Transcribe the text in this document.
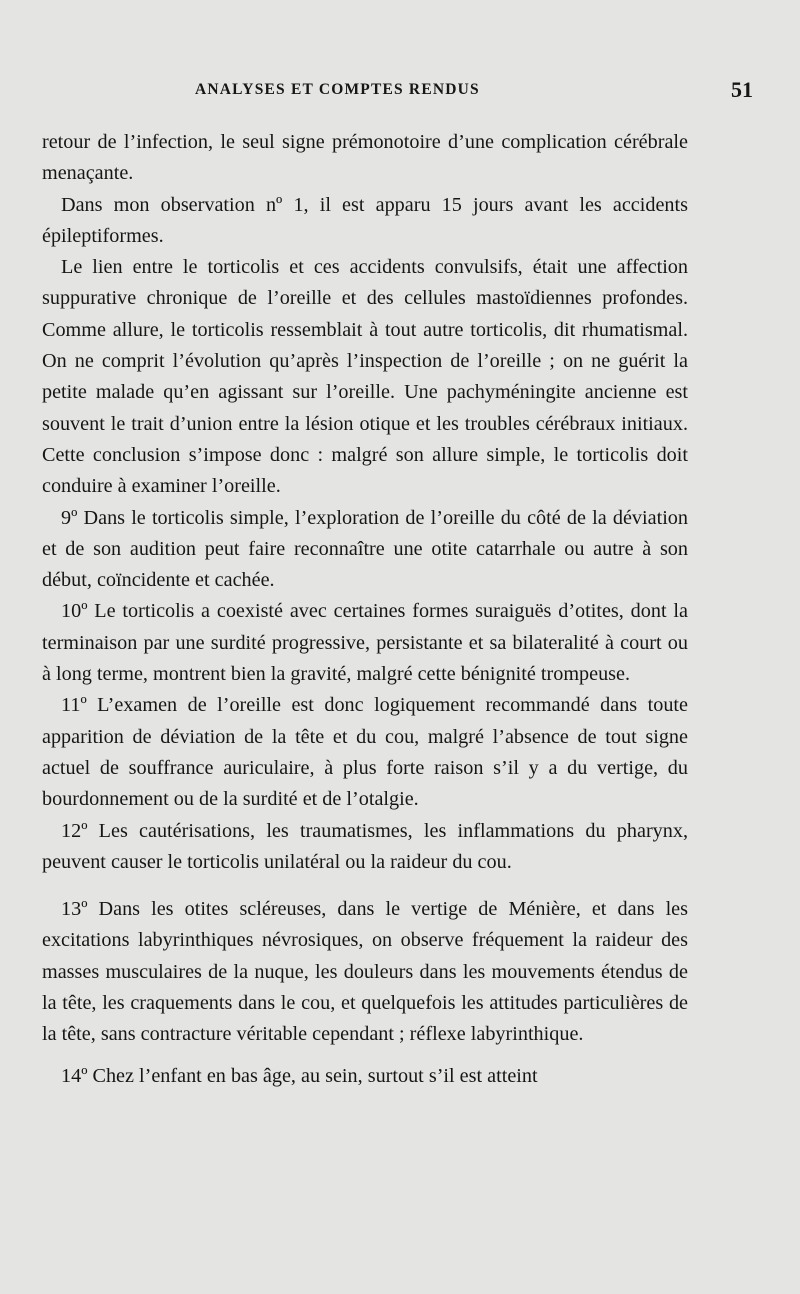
ANALYSES ET COMPTES RENDUS	51

retour de l’infection, le seul signe prémonotoire d’une complication cérébrale menaçante.

Dans mon observation nº 1, il est apparu 15 jours avant les accidents épileptiformes.

Le lien entre le torticolis et ces accidents convulsifs, était une affection suppurative chronique de l’oreille et des cellules mastoïdiennes profondes. Comme allure, le torticolis ressemblait à tout autre torticolis, dit rhumatismal. On ne comprit l’évolution qu’après l’inspection de l’oreille ; on ne guérit la petite malade qu’en agissant sur l’oreille. Une pachyméningite ancienne est souvent le trait d’union entre la lésion otique et les troubles cérébraux initiaux. Cette conclusion s’impose donc : malgré son allure simple, le torticolis doit conduire à examiner l’oreille.

9º Dans le torticolis simple, l’exploration de l’oreille du côté de la déviation et de son audition peut faire reconnaître une otite catarrhale ou autre à son début, coïncidente et cachée.

10º Le torticolis a coexisté avec certaines formes suraiguës d’otites, dont la terminaison par une surdité progressive, persistante et sa bilateralité à court ou à long terme, montrent bien la gravité, malgré cette bénignité trompeuse.

11º L’examen de l’oreille est donc logiquement recommandé dans toute apparition de déviation de la tête et du cou, malgré l’absence de tout signe actuel de souffrance auriculaire, à plus forte raison s’il y a du vertige, du bourdonnement ou de la surdité et de l’otalgie.

12º Les cautérisations, les traumatismes, les inflammations du pharynx, peuvent causer le torticolis unilatéral ou la raideur du cou.

13º Dans les otites scléreuses, dans le vertige de Ménière, et dans les excitations labyrinthiques névrosiques, on observe fréquement la raideur des masses musculaires de la nuque, les douleurs dans les mouvements étendus de la tête, les craquements dans le cou, et quelquefois les attitudes particulières de la tête, sans contracture véritable cependant ; réflexe labyrinthique.

14º Chez l’enfant en bas âge, au sein, surtout s’il est atteint
